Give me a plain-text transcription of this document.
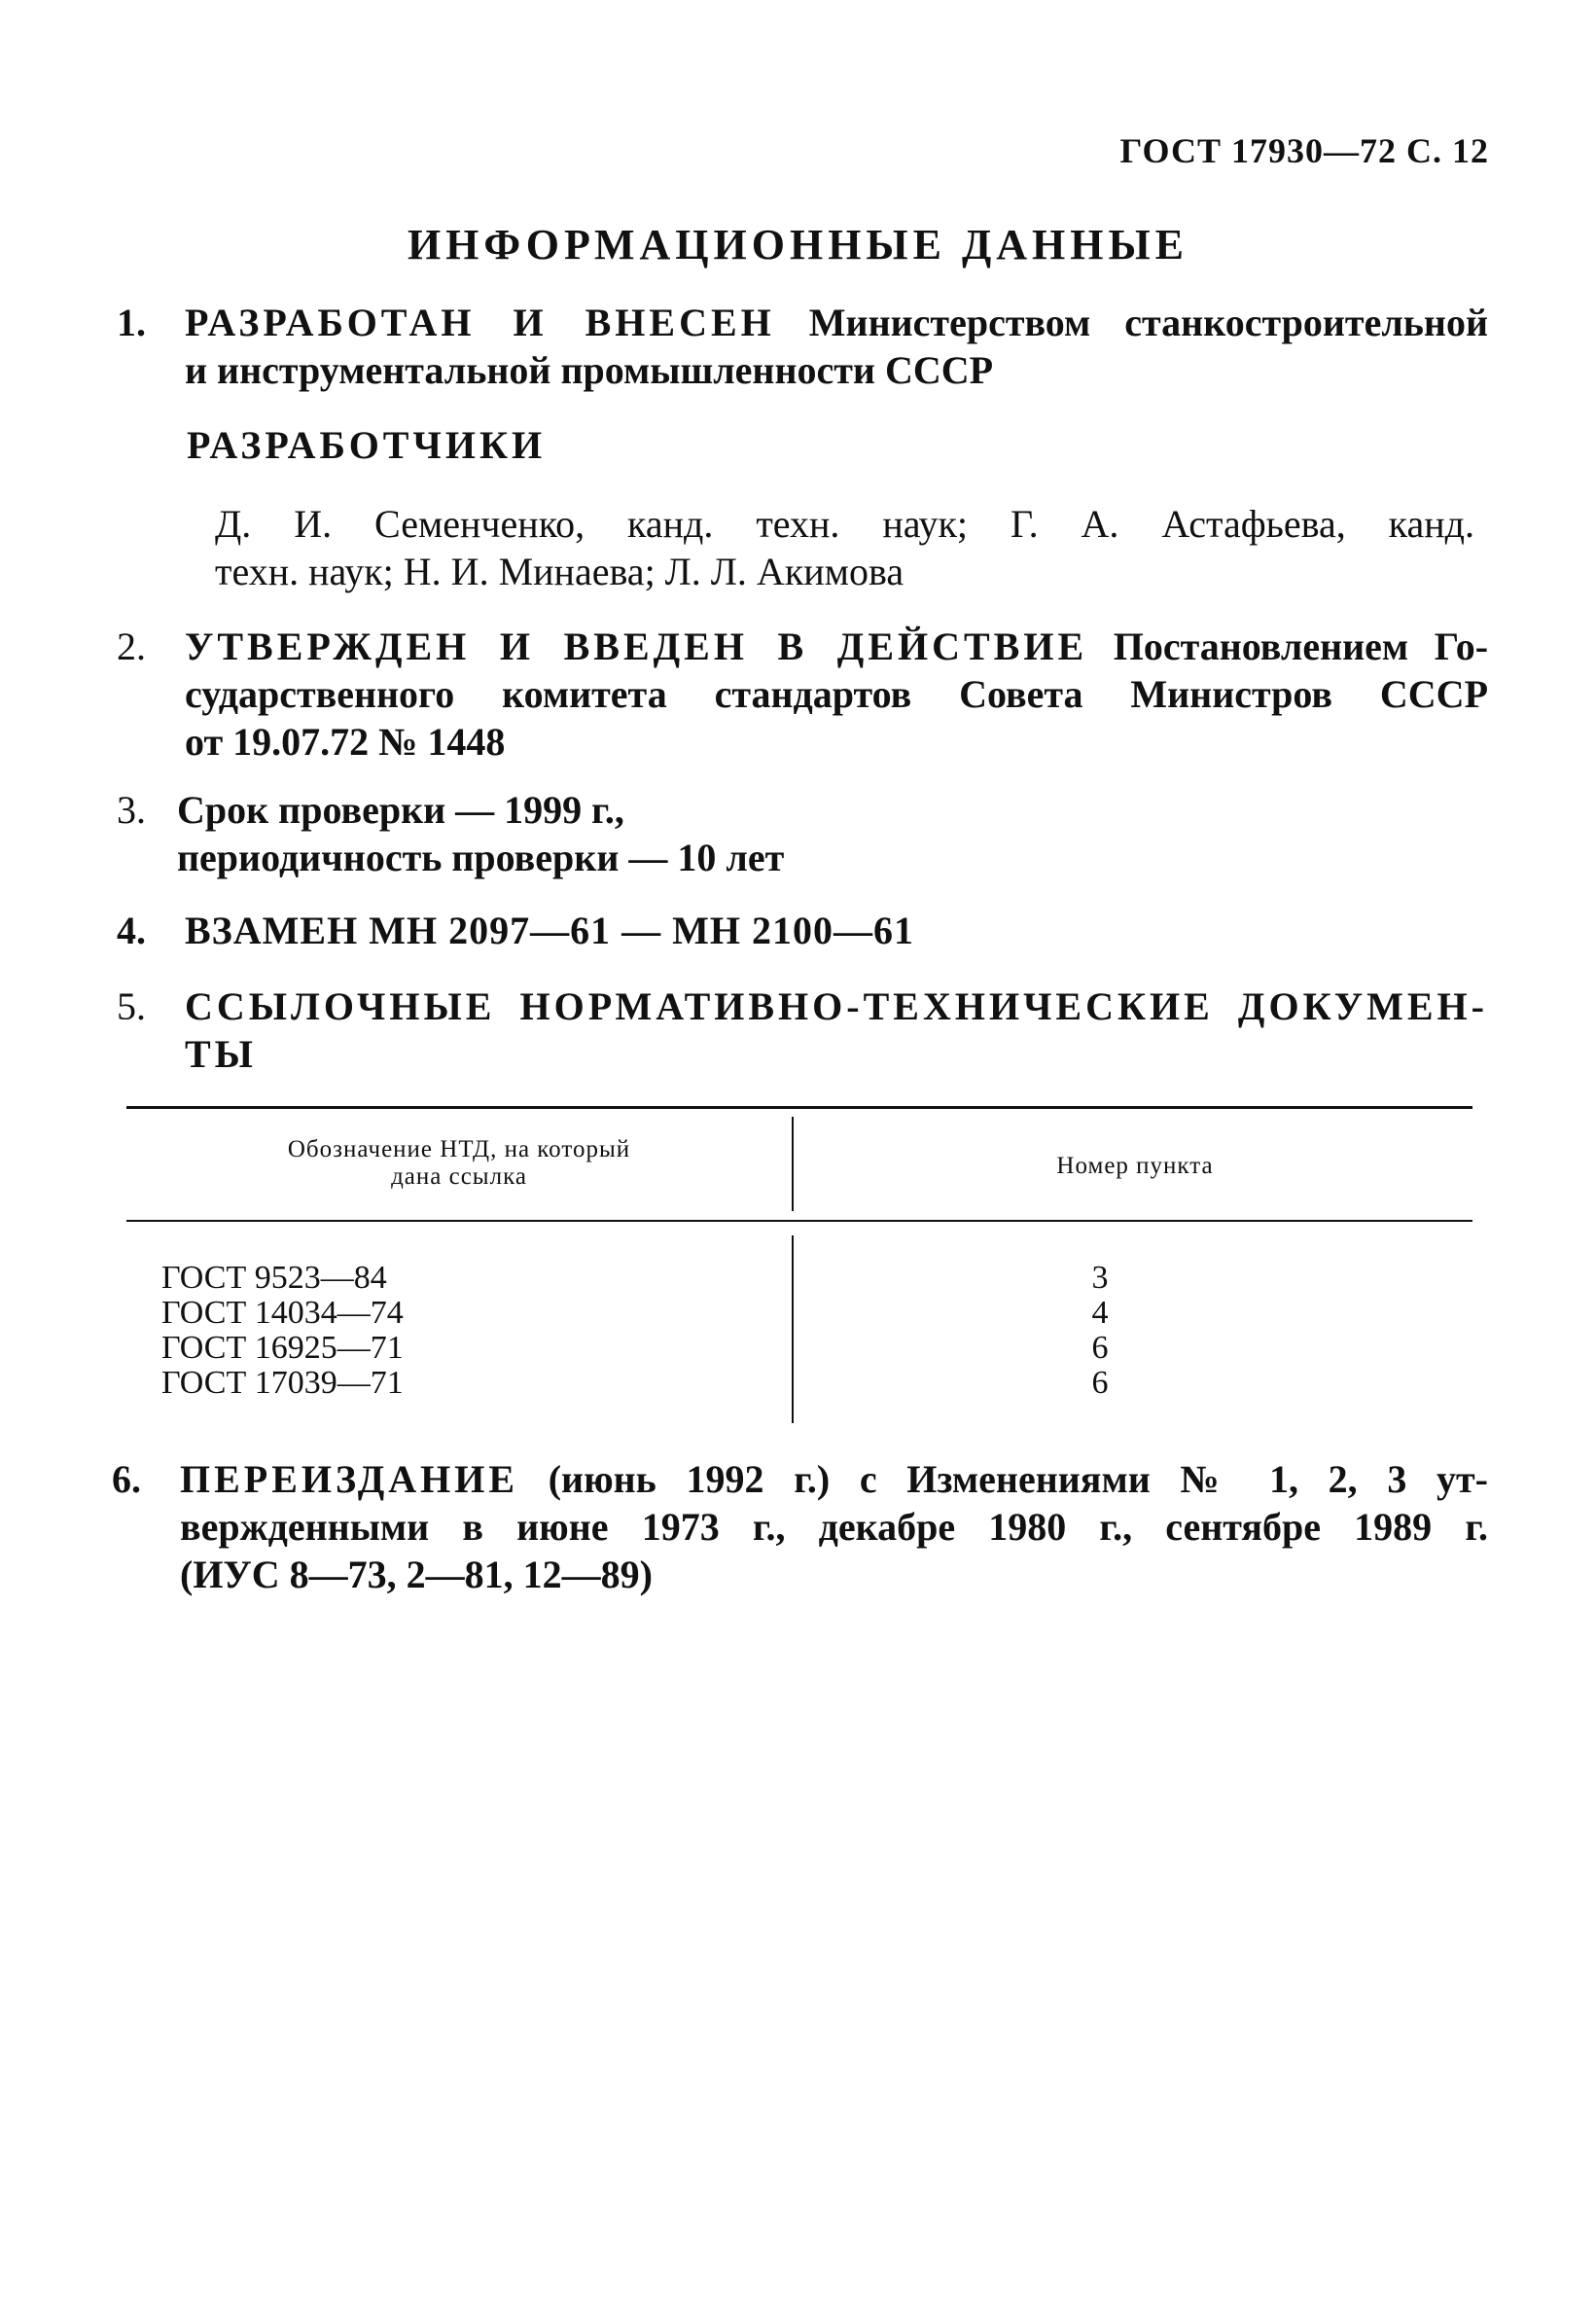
ГОСТ 17930—72 С. 12
ИНФОРМАЦИОННЫЕ ДАННЫЕ
1.	РАЗРАБОТАН И ВНЕСЕН Министерством станкостроительной
и инструментальной промышленности СССР
РАЗРАБОТЧИКИ
Д. И. Семенченко, канд. техн. наук; Г. А. Астафьева, канд.
техн. наук; Н. И. Минаева; Л. Л. Акимова
2.	УТВЕРЖДЕН И ВВЕДЕН В ДЕЙСТВИЕ Постановлением Го-
сударственного комитета стандартов Совета Министров СССР
от 19.07.72 № 1448
3. Срок проверки — 1999 г.,
периодичность проверки — 10 лет
4.	ВЗАМЕН МН 2097—61 — МН 2100—61
5.	ССЫЛОЧНЫЕ НОРМАТИВНО-ТЕХНИЧЕСКИЕ ДОКУМЕН-
ТЫ
Обозначение НТД, на который
дана ссылка	Номер пункта
ГОСТ 9523—84	3
ГОСТ 14034—74	4
ГОСТ 16925—71	6
ГОСТ 17039—71	6
6.	ПЕРЕИЗДАНИЕ (июнь 1992 г.) с Изменениями № 1, 2, 3 ут-
вержденными в июне 1973 г., декабре 1980 г., сентябре 1989 г.
(ИУС 8—73, 2—81, 12—89)
